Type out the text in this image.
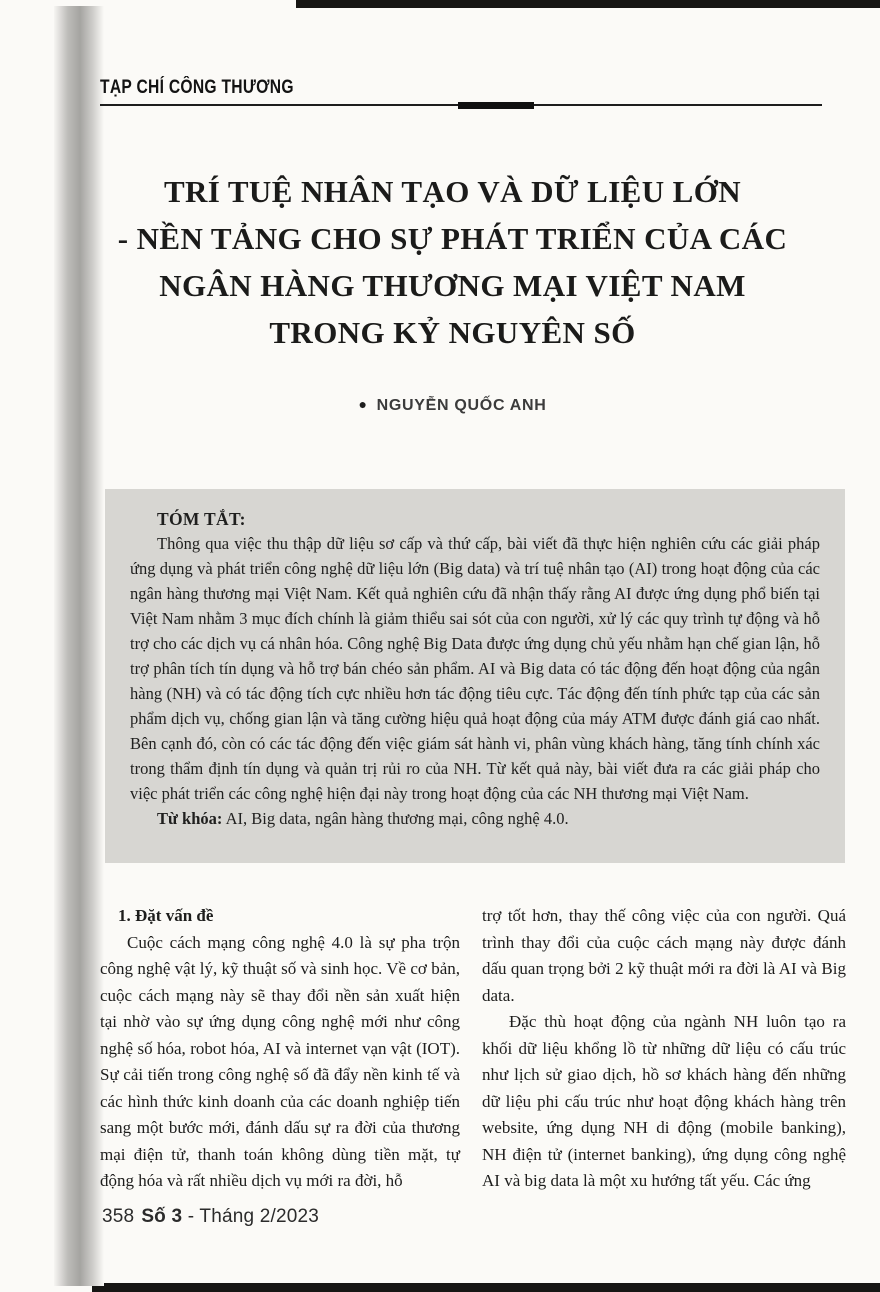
TẠP CHÍ CÔNG THƯƠNG
TRÍ TUỆ NHÂN TẠO VÀ DỮ LIỆU LỚN
- NỀN TẢNG CHO SỰ PHÁT TRIỂN CỦA CÁC
NGÂN HÀNG THƯƠNG MẠI VIỆT NAM
TRONG KỶ NGUYÊN SỐ
● NGUYỄN QUỐC ANH
TÓM TẮT:

Thông qua việc thu thập dữ liệu sơ cấp và thứ cấp, bài viết đã thực hiện nghiên cứu các giải pháp ứng dụng và phát triển công nghệ dữ liệu lớn (Big data) và trí tuệ nhân tạo (AI) trong hoạt động của các ngân hàng thương mại Việt Nam. Kết quả nghiên cứu đã nhận thấy rằng AI được ứng dụng phổ biến tại Việt Nam nhằm 3 mục đích chính là giảm thiểu sai sót của con người, xử lý các quy trình tự động và hỗ trợ cho các dịch vụ cá nhân hóa. Công nghệ Big Data được ứng dụng chủ yếu nhằm hạn chế gian lận, hỗ trợ phân tích tín dụng và hỗ trợ bán chéo sản phẩm. AI và Big data có tác động đến hoạt động của ngân hàng (NH) và có tác động tích cực nhiều hơn tác động tiêu cực. Tác động đến tính phức tạp của các sản phẩm dịch vụ, chống gian lận và tăng cường hiệu quả hoạt động của máy ATM được đánh giá cao nhất. Bên cạnh đó, còn có các tác động đến việc giám sát hành vi, phân vùng khách hàng, tăng tính chính xác trong thẩm định tín dụng và quản trị rủi ro của NH. Từ kết quả này, bài viết đưa ra các giải pháp cho việc phát triển các công nghệ hiện đại này trong hoạt động của các NH thương mại Việt Nam.

Từ khóa: AI, Big data, ngân hàng thương mại, công nghệ 4.0.

1. Đặt vấn đề

Cuộc cách mạng công nghệ 4.0 là sự pha trộn công nghệ vật lý, kỹ thuật số và sinh học. Về cơ bản, cuộc cách mạng này sẽ thay đổi nền sản xuất hiện tại nhờ vào sự ứng dụng công nghệ mới như công nghệ số hóa, robot hóa, AI và internet vạn vật (IOT). Sự cải tiến trong công nghệ số đã đẩy nền kinh tế và các hình thức kinh doanh của các doanh nghiệp tiến sang một bước mới, đánh dấu sự ra đời của thương mại điện tử, thanh toán không dùng tiền mặt, tự động hóa và rất nhiều dịch vụ mới ra đời, hỗ

trợ tốt hơn, thay thế công việc của con người. Quá trình thay đổi của cuộc cách mạng này được đánh dấu quan trọng bởi 2 kỹ thuật mới ra đời là AI và Big data.

Đặc thù hoạt động của ngành NH luôn tạo ra khối dữ liệu khổng lồ từ những dữ liệu có cấu trúc như lịch sử giao dịch, hồ sơ khách hàng đến những dữ liệu phi cấu trúc như hoạt động khách hàng trên website, ứng dụng NH di động (mobile banking), NH điện tử (internet banking), ứng dụng công nghệ AI và big data là một xu hướng tất yếu. Các ứng

358 Số 3 - Tháng 2/2023
